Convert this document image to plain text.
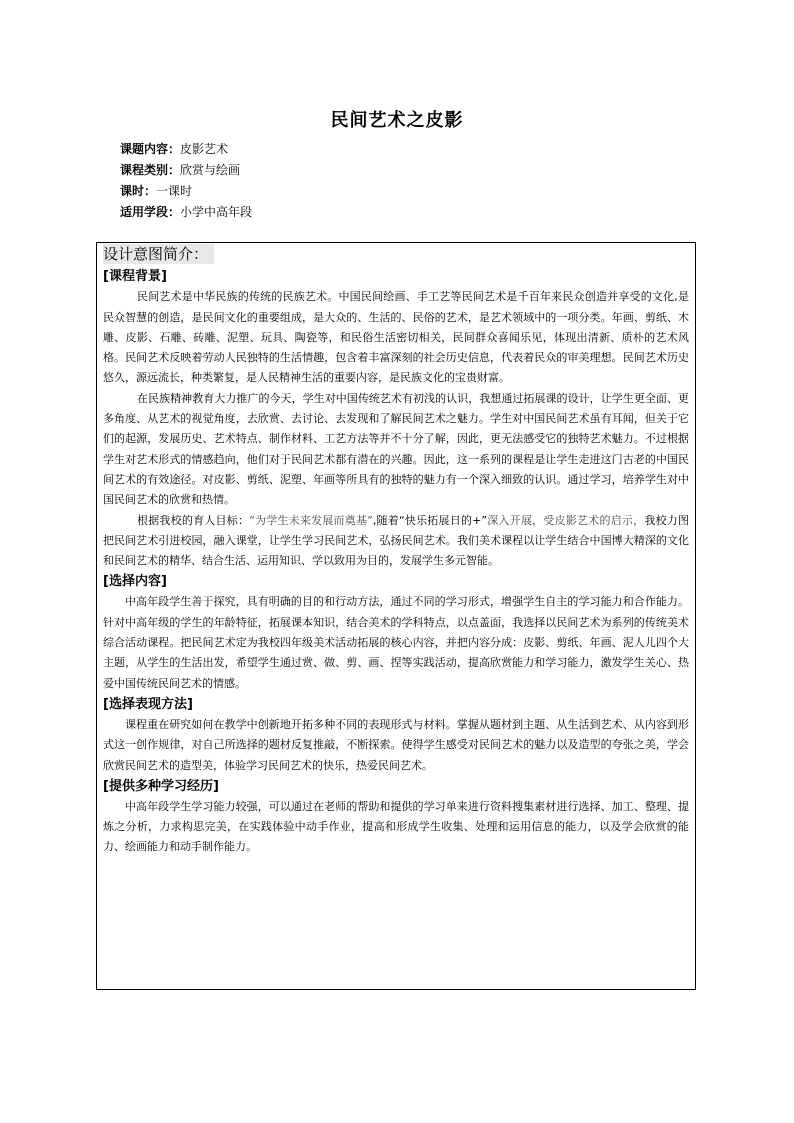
民间艺术之皮影
课题内容：皮影艺术
课程类别：欣赏与绘画
课时：一课时
适用学段：小学中高年段
设计意图简介：
[课程背景]

民间艺术是中华民族的传统的民族艺术。中国民间绘画、手工艺等民间艺术是千百年来民众创造并享受的文化,是民众智慧的创造，是民间文化的重要组成，是大众的、生活的、民俗的艺术，是艺术领域中的一项分类。年画、剪纸、木雕、皮影、石雕、砖雕、泥塑、玩具、陶瓷等，和民俗生活密切相关，民间群众喜闻乐见，体现出清新、质朴的艺术风格。民间艺术反映着劳动人民独特的生活情趣，包含着丰富深刻的社会历史信息，代表着民众的审美理想。民间艺术历史悠久，源远流长，种类繁复，是人民精神生活的重要内容，是民族文化的宝贵财富。

在民族精神教育大力推广的今天，学生对中国传统艺术有初浅的认识，我想通过拓展课的设计，让学生更全面、更多角度、从艺术的视觉角度，去欣赏、去讨论、去发现和了解民间艺术之魅力。学生对中国民间艺术虽有耳闻，但关于它们的起源，发展历史、艺术特点、制作材料、工艺方法等并不十分了解，因此，更无法感受它的独特艺术魅力。不过根据学生对艺术形式的情感趋向，他们对于民间艺术都有潜在的兴趣。因此，这一系列的课程是让学生走进这门古老的中国民间艺术的有效途径。对皮影、剪纸、泥塑、年画等所具有的独特的魅力有一个深入细致的认识。通过学习，培养学生对中国民间艺术的欣赏和热情。

根据我校的育人目标：“为学生未来发展而奠基”,随着“快乐拓展日的+”深入开展，受皮影艺术的启示，我校力图把民间艺术引进校园，融入课堂，让学生学习民间艺术，弘扬民间艺术。我们美术课程以让学生结合中国博大精深的文化和民间艺术的精华、结合生活、运用知识、学以致用为目的，发展学生多元智能。

[选择内容]

中高年段学生善于探究，具有明确的目的和行动方法，通过不同的学习形式，增强学生自主的学习能力和合作能力。针对中高年级的学生的年龄特征，拓展课本知识，结合美术的学科特点，以点盖面，我选择以民间艺术为系列的传统美术综合活动课程。把民间艺术定为我校四年级美术活动拓展的核心内容，并把内容分成：皮影、剪纸、年画、泥人儿四个大主题，从学生的生活出发，希望学生通过赏、做、剪、画、捏等实践活动，提高欣赏能力和学习能力，激发学生关心、热爱中国传统民间艺术的情感。

[选择表现方法]

课程重在研究如何在教学中创新地开拓多种不同的表现形式与材料。掌握从题材到主题、从生活到艺术、从内容到形式这一创作规律，对自己所选择的题材反复推敲，不断探索。使得学生感受对民间艺术的魅力以及造型的夸张之美，学会欣赏民间艺术的造型美，体验学习民间艺术的快乐，热爱民间艺术。

[提供多种学习经历]

中高年段学生学习能力较强，可以通过在老师的帮助和提供的学习单来进行资料搜集素材进行选择、加工、整理、提炼之分析，力求构思完美，在实践体验中动手作业，提高和形成学生收集、处理和运用信息的能力，以及学会欣赏的能力、绘画能力和动手制作能力。
